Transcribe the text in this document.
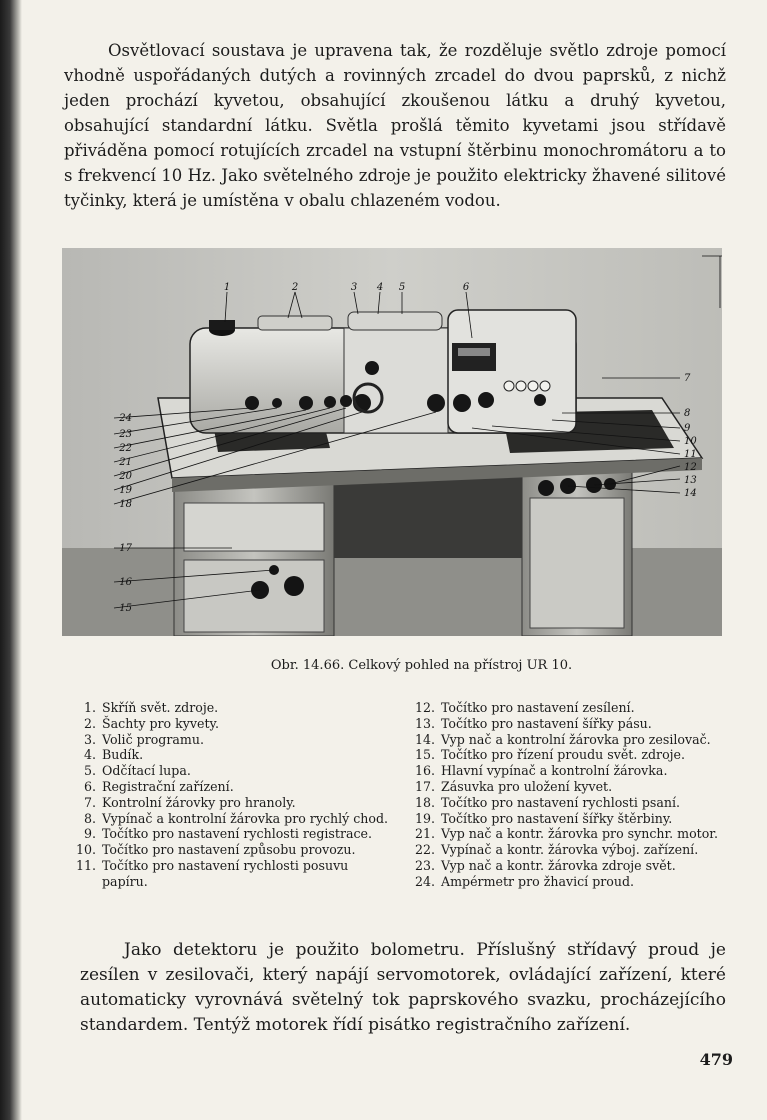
Osvětlovací soustava je upravena tak, že rozděluje světlo zdroje pomocí vhodně uspořádaných dutých a rovinných zrcadel do dvou paprsků, z nichž jeden prochází kyvetou, obsahující zkoušenou látku a druhý kyvetou, obsahující standardní látku. Světla prošlá těmito kyvetami jsou střídavě přiváděna pomocí rotujících zrcadel na vstupní štěrbinu monochromátoru a to s frekvencí 10 Hz. Jako světelného zdroje je použito elektricky žhavené silitové tyčinky, která je umístěna v obalu chlazeném vodou.

1	2	3 4 5	6
7
8
9
10
11
12
13
14
24
23
22
21
20
19
18
17
16
15
Obr. 14.66. Celkový pohled na přístroj UR 10.
1. Skříň svět. zdroje.
2. Šachty pro kyvety.
3. Volič programu.
4. Budík.
5. Odčítací lupa.
6. Registrační zařízení.
7. Kontrolní žárovky pro hranoly.
8. Vypínač a kontrolní žárovka pro rychlý chod.
9. Točítko pro nastavení rychlosti registrace.
10. Točítko pro nastavení způsobu provozu.
11. Točítko pro nastavení rychlosti posuvu papíru.
12. Točítko pro nastavení zesílení.
13. Točítko pro nastavení šířky pásu.
14. Vyp nač a kontrolní žárovka pro zesilovač.
15. Točítko pro řízení proudu svět. zdroje.
16. Hlavní vypínač a kontrolní žárovka.
17. Zásuvka pro uložení kyvet.
18. Točítko pro nastavení rychlosti psaní.
19. Točítko pro nastavení šířky štěrbiny.
21. Vyp nač a kontr. žárovka pro synchr. motor.
22. Vypínač a kontr. žárovka výboj. zařízení.
23. Vyp nač a kontr. žárovka zdroje svět.
24. Ampérmetr pro žhavicí proud.

Jako detektoru je použito bolometru. Příslušný střídavý proud je zesílen v zesilovači, který napájí servomotorek, ovládající zařízení, které automaticky vyrovnává světelný tok paprskového svazku, procházejícího standardem. Tentýž motorek řídí pisátko registračního zařízení.

479
